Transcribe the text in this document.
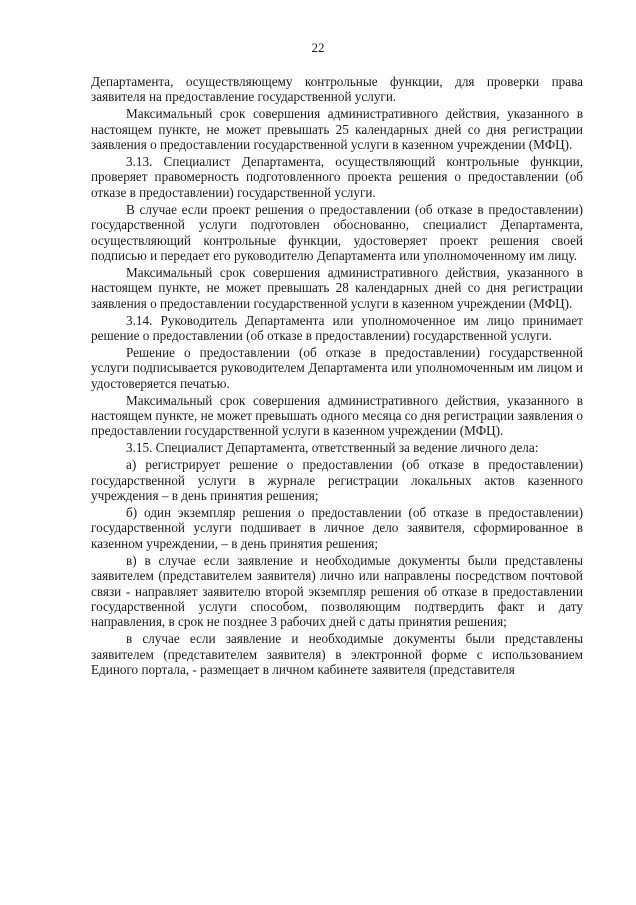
22

Департамента, осуществляющему контрольные функции, для проверки права заявителя на предоставление государственной услуги.

Максимальный срок совершения административного действия, указанного в настоящем пункте, не может превышать 25 календарных дней со дня регистрации заявления о предоставлении государственной услуги в казенном учреждении (МФЦ).

3.13. Специалист Департамента, осуществляющий контрольные функции, проверяет правомерность подготовленного проекта решения о предоставлении (об отказе в предоставлении) государственной услуги.

В случае если проект решения о предоставлении (об отказе в предоставлении) государственной услуги подготовлен обоснованно, специалист Департамента, осуществляющий контрольные функции, удостоверяет проект решения своей подписью и передает его руководителю Департамента или уполномоченному им лицу.

Максимальный срок совершения административного действия, указанного в настоящем пункте, не может превышать 28 календарных дней со дня регистрации заявления о предоставлении государственной услуги в казенном учреждении (МФЦ).

3.14. Руководитель Департамента или уполномоченное им лицо принимает решение о предоставлении (об отказе в предоставлении) государственной услуги.

Решение о предоставлении (об отказе в предоставлении) государственной услуги подписывается руководителем Департамента или уполномоченным им лицом и удостоверяется печатью.

Максимальный срок совершения административного действия, указанного в настоящем пункте, не может превышать одного месяца со дня регистрации заявления о предоставлении государственной услуги в казенном учреждении (МФЦ).

3.15. Специалист Департамента, ответственный за ведение личного дела:

а) регистрирует решение о предоставлении (об отказе в предоставлении) государственной услуги в журнале регистрации локальных актов казенного учреждения – в день принятия решения;

б) один экземпляр решения о предоставлении (об отказе в предоставлении) государственной услуги подшивает в личное дело заявителя, сформированное в казенном учреждении, – в день принятия решения;

в) в случае если заявление и необходимые документы были представлены заявителем (представителем заявителя) лично или направлены посредством почтовой связи - направляет заявителю второй экземпляр решения об отказе в предоставлении государственной услуги способом, позволяющим подтвердить факт и дату направления, в срок не позднее 3 рабочих дней с даты принятия решения;

в случае если заявление и необходимые документы были представлены заявителем (представителем заявителя) в электронной форме с использованием Единого портала, - размещает в личном кабинете заявителя (представителя
